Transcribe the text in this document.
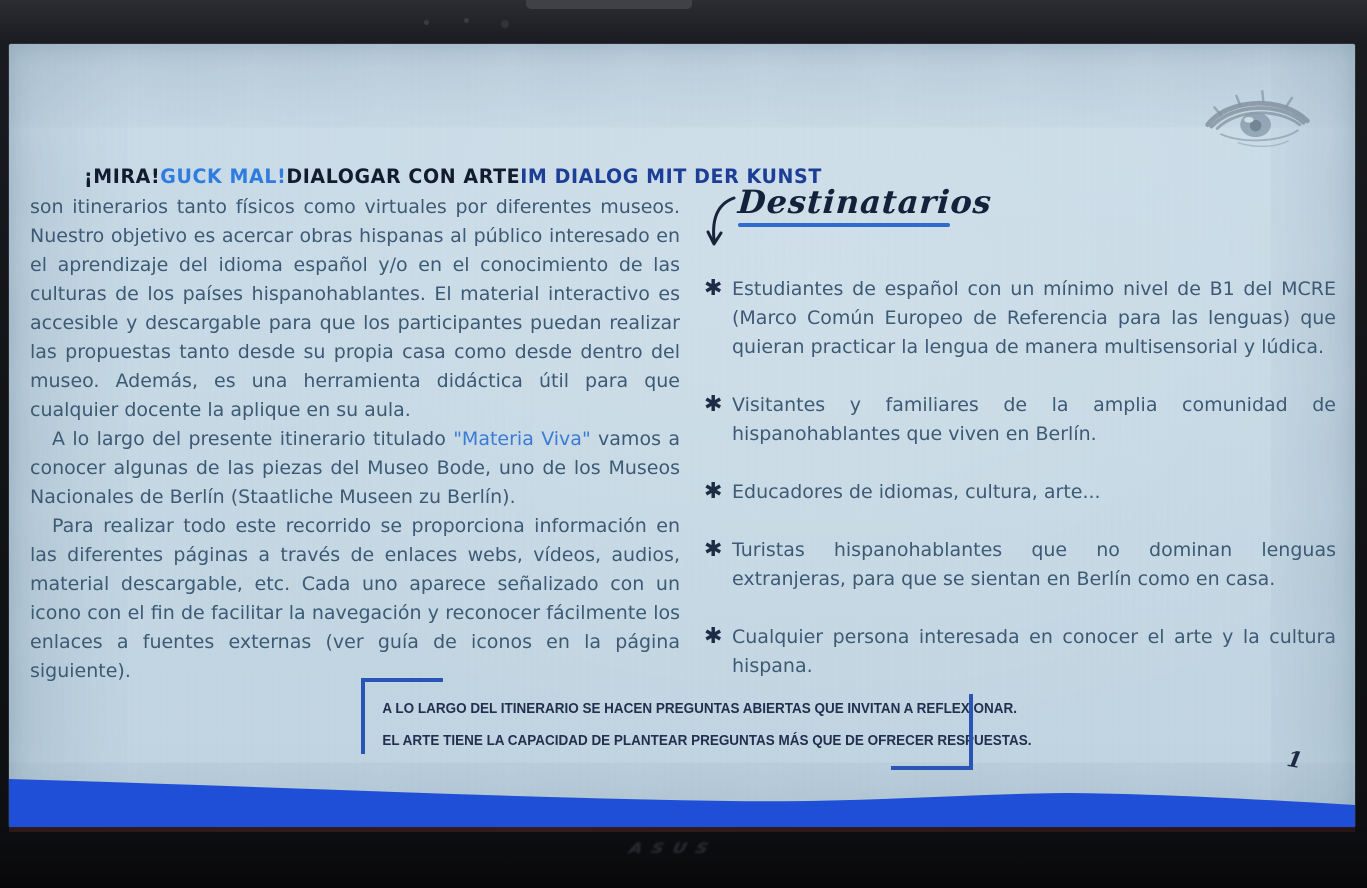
¡MIRA! GUCK MAL! DIALOGAR CON ARTE IM DIALOG MIT DER KUNST

son itinerarios tanto físicos como virtuales por diferentes museos. Nuestro objetivo es acercar obras hispanas al público interesado en el aprendizaje del idioma español y/o en el conocimiento de las culturas de los países hispanohablantes. El material interactivo es accesible y descargable para que los participantes puedan realizar las propuestas tanto desde su propia casa como desde dentro del museo. Además, es una herramienta didáctica útil para que cualquier docente la aplique en su aula.

A lo largo del presente itinerario titulado "Materia Viva" vamos a conocer algunas de las piezas del Museo Bode, uno de los Museos Nacionales de Berlín (Staatliche Museen zu Berlín).

Para realizar todo este recorrido se proporciona información en las diferentes páginas a través de enlaces webs, vídeos, audios, material descargable, etc. Cada uno aparece señalizado con un icono con el fin de facilitar la navegación y reconocer fácilmente los enlaces a fuentes externas (ver guía de iconos en la página siguiente).

Destinatarios
✱ Estudiantes de español con un mínimo nivel de B1 del MCRE (Marco Común Europeo de Referencia para las lenguas) que quieran practicar la lengua de manera multisensorial y lúdica.
✱ Visitantes y familiares de la amplia comunidad de hispanohablantes que viven en Berlín.
✱ Educadores de idiomas, cultura, arte...
✱ Turistas hispanohablantes que no dominan lenguas extranjeras, para que se sientan en Berlín como en casa.
✱ Cualquier persona interesada en conocer el arte y la cultura hispana.
A LO LARGO DEL ITINERARIO SE HACEN PREGUNTAS ABIERTAS QUE INVITAN A REFLEXIONAR.
EL ARTE TIENE LA CAPACIDAD DE PLANTEAR PREGUNTAS MÁS QUE DE OFRECER RESPUESTAS.
1
ASUS
